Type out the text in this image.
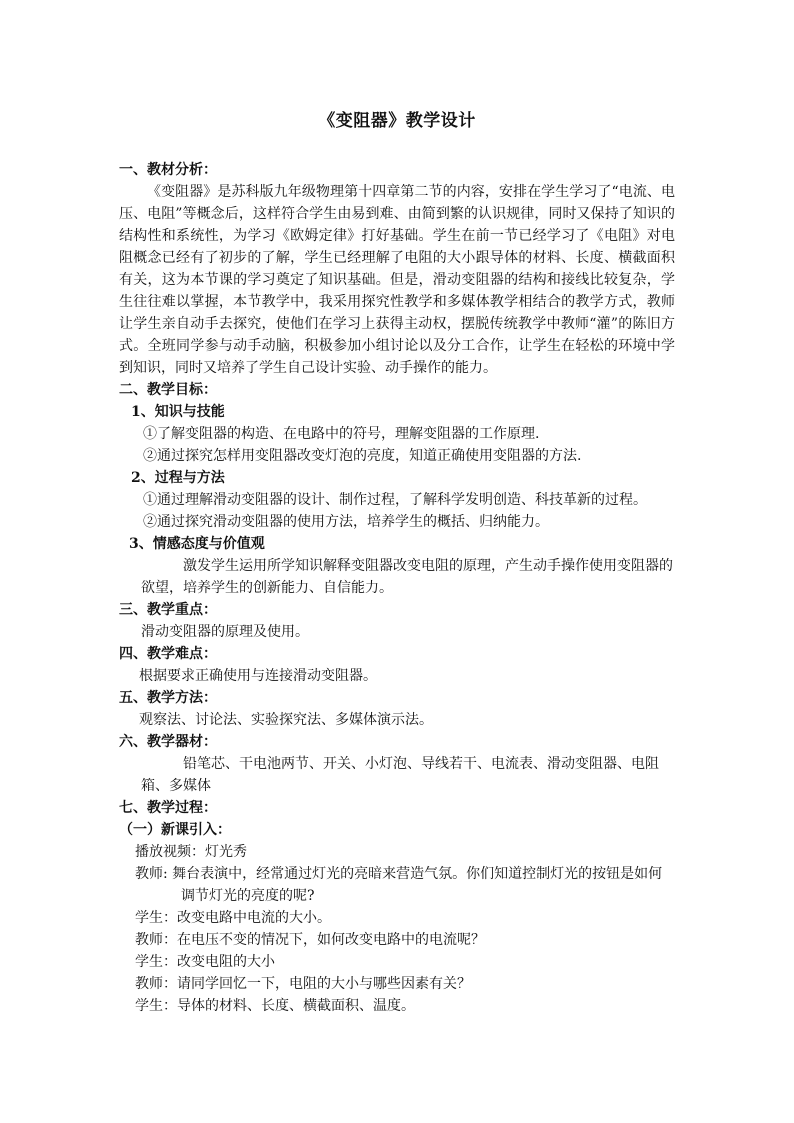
《变阻器》教学设计

一、教材分析：

《变阻器》是苏科版九年级物理第十四章第二节的内容，安排在学生学习了“电流、电压、电阻”等概念后，这样符合学生由易到难、由简到繁的认识规律，同时又保持了知识的结构性和系统性，为学习《欧姆定律》打好基础。学生在前一节已经学习了《电阻》对电阻概念已经有了初步的了解，学生已经理解了电阻的大小跟导体的材料、长度、横截面积有关，这为本节课的学习奠定了知识基础。但是，滑动变阻器的结构和接线比较复杂，学生往往难以掌握，本节教学中，我采用探究性教学和多媒体教学相结合的教学方式，教师让学生亲自动手去探究，使他们在学习上获得主动权，摆脱传统教学中教师“灌”的陈旧方式。全班同学参与动手动脑，积极参加小组讨论以及分工合作，让学生在轻松的环境中学到知识，同时又培养了学生自己设计实验、动手操作的能力。

二、教学目标：

1、知识与技能

①了解变阻器的构造、在电路中的符号，理解变阻器的工作原理.

②通过探究怎样用变阻器改变灯泡的亮度，知道正确使用变阻器的方法.

2、过程与方法

①通过理解滑动变阻器的设计、制作过程，了解科学发明创造、科技革新的过程。

②通过探究滑动变阻器的使用方法，培养学生的概括、归纳能力。

3、情感态度与价值观

激发学生运用所学知识解释变阻器改变电阻的原理，产生动手操作使用变阻器的欲望，培养学生的创新能力、自信能力。

三、教学重点：

滑动变阻器的原理及使用。

四、教学难点：

根据要求正确使用与连接滑动变阻器。

五、教学方法：

观察法、讨论法、实验探究法、多媒体演示法。

六、教学器材：

铅笔芯、干电池两节、开关、小灯泡、导线若干、电流表、滑动变阻器、电阻箱、多媒体

七、教学过程：

（一）新课引入：

播放视频：灯光秀

教师: 舞台表演中，经常通过灯光的亮暗来营造气氛。你们知道控制灯光的按钮是如何调节灯光的亮度的呢?

学生：改变电路中电流的大小。

教师：在电压不变的情况下，如何改变电路中的电流呢？

学生：改变电阻的大小

教师：请同学回忆一下，电阻的大小与哪些因素有关？

学生：导体的材料、长度、横截面积、温度。
